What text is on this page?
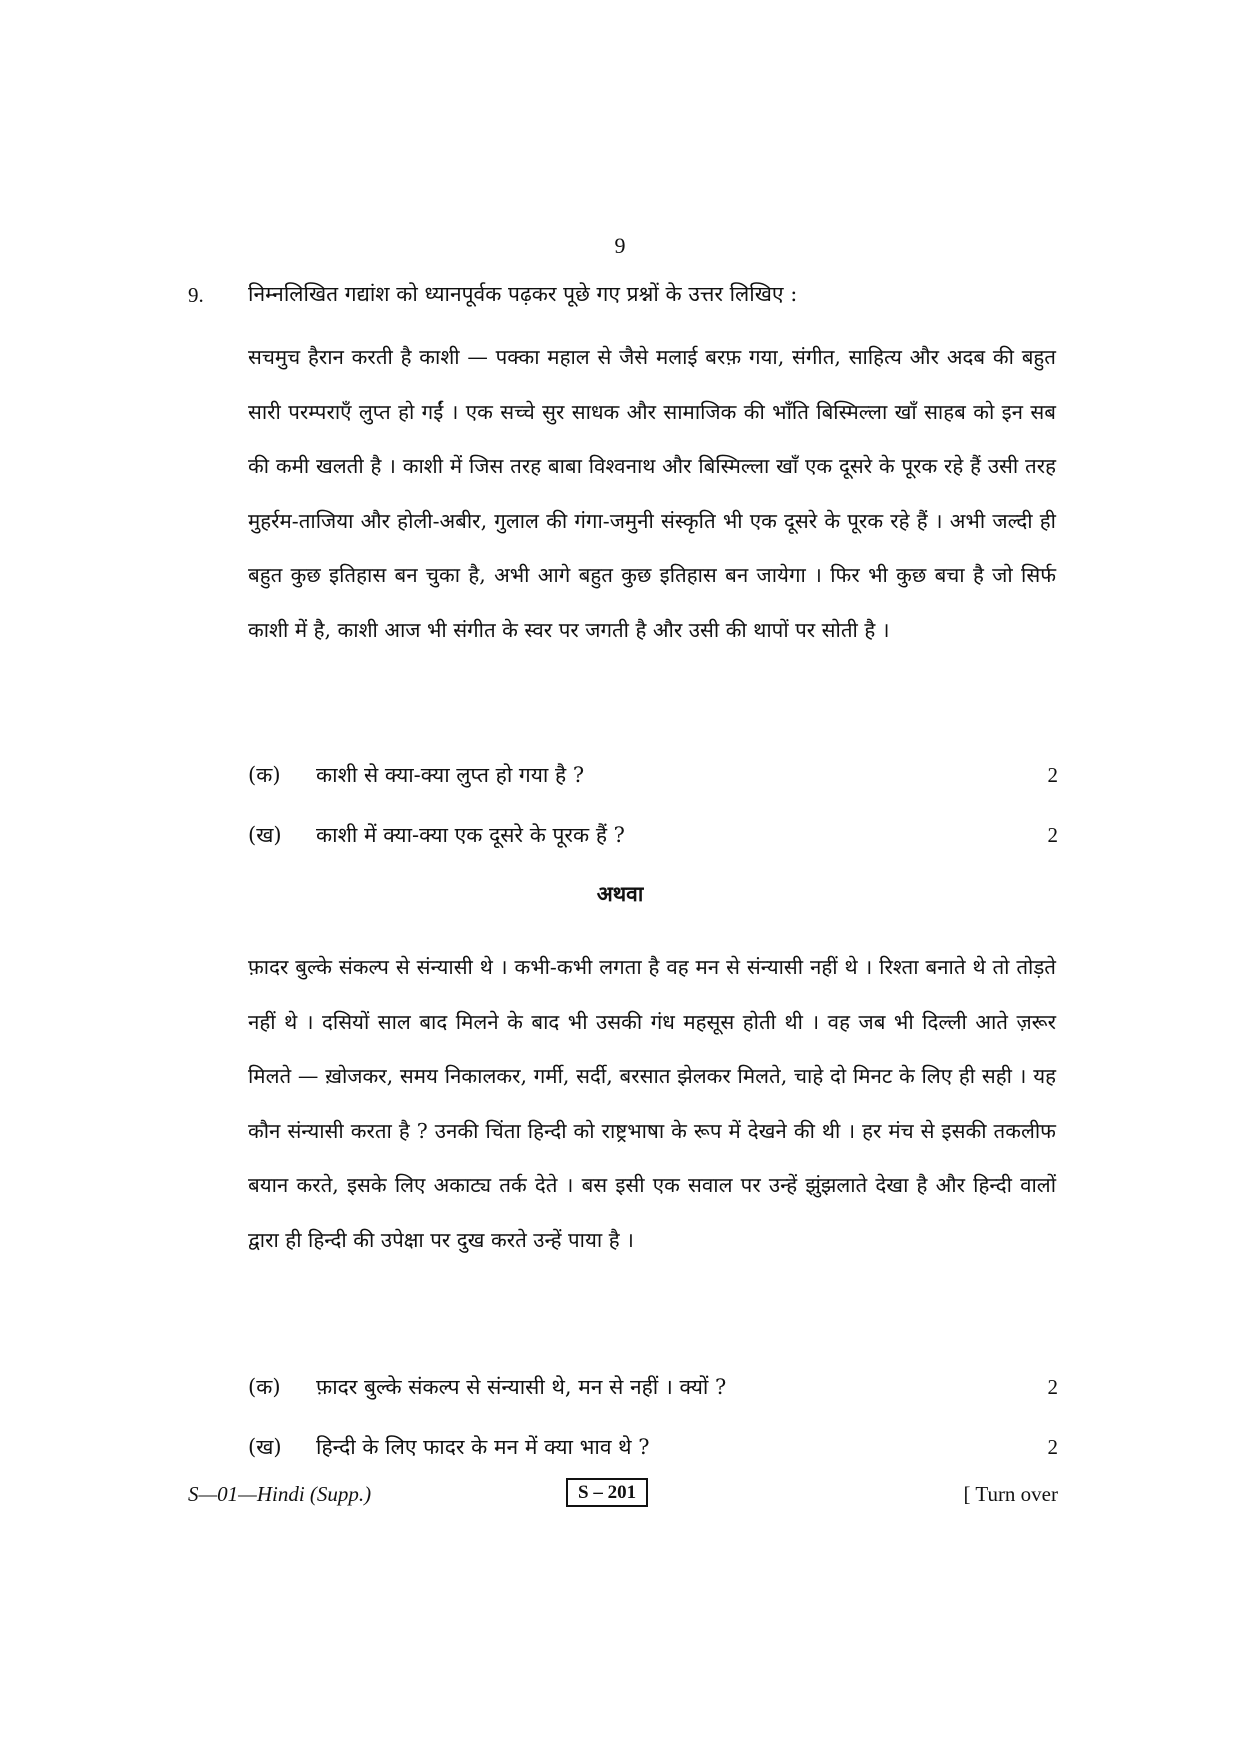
9
9. निम्नलिखित गद्यांश को ध्यानपूर्वक पढ़कर पूछे गए प्रश्नों के उत्तर लिखिए :
सचमुच हैरान करती है काशी — पक्का महाल से जैसे मलाई बरफ़ गया, संगीत, साहित्य और अदब की बहुत सारी परम्पराएँ लुप्त हो गईं । एक सच्चे सुर साधक और सामाजिक की भाँति बिस्मिल्ला खाँ साहब को इन सब की कमी खलती है । काशी में जिस तरह बाबा विश्वनाथ और बिस्मिल्ला खाँ एक दूसरे के पूरक रहे हैं उसी तरह मुहर्रम-ताजिया और होली-अबीर, गुलाल की गंगा-जमुनी संस्कृति भी एक दूसरे के पूरक रहे हैं । अभी जल्दी ही बहुत कुछ इतिहास बन चुका है, अभी आगे बहुत कुछ इतिहास बन जायेगा । फिर भी कुछ बचा है जो सिर्फ काशी में है, काशी आज भी संगीत के स्वर पर जगती है और उसी की थापों पर सोती है ।
(क) काशी से क्या-क्या लुप्त हो गया है ?	2
(ख) काशी में क्या-क्या एक दूसरे के पूरक हैं ?	2
अथवा
फ़ादर बुल्के संकल्प से संन्यासी थे । कभी-कभी लगता है वह मन से संन्यासी नहीं थे । रिश्ता बनाते थे तो तोड़ते नहीं थे । दसियों साल बाद मिलने के बाद भी उसकी गंध महसूस होती थी । वह जब भी दिल्ली आते ज़रूर मिलते — ख़ोजकर, समय निकालकर, गर्मी, सर्दी, बरसात झेलकर मिलते, चाहे दो मिनट के लिए ही सही । यह कौन संन्यासी करता है ? उनकी चिंता हिन्दी को राष्ट्रभाषा के रूप में देखने की थी । हर मंच से इसकी तकलीफ बयान करते, इसके लिए अकाट्य तर्क देते । बस इसी एक सवाल पर उन्हें झुंझलाते देखा है और हिन्दी वालों द्वारा ही हिन्दी की उपेक्षा पर दुख करते उन्हें पाया है ।
(क) फ़ादर बुल्के संकल्प से संन्यासी थे, मन से नहीं । क्यों ?	2
(ख) हिन्दी के लिए फादर के मन में क्या भाव थे ?	2
S—01—Hindi (Supp.)	S – 201	[ Turn over
